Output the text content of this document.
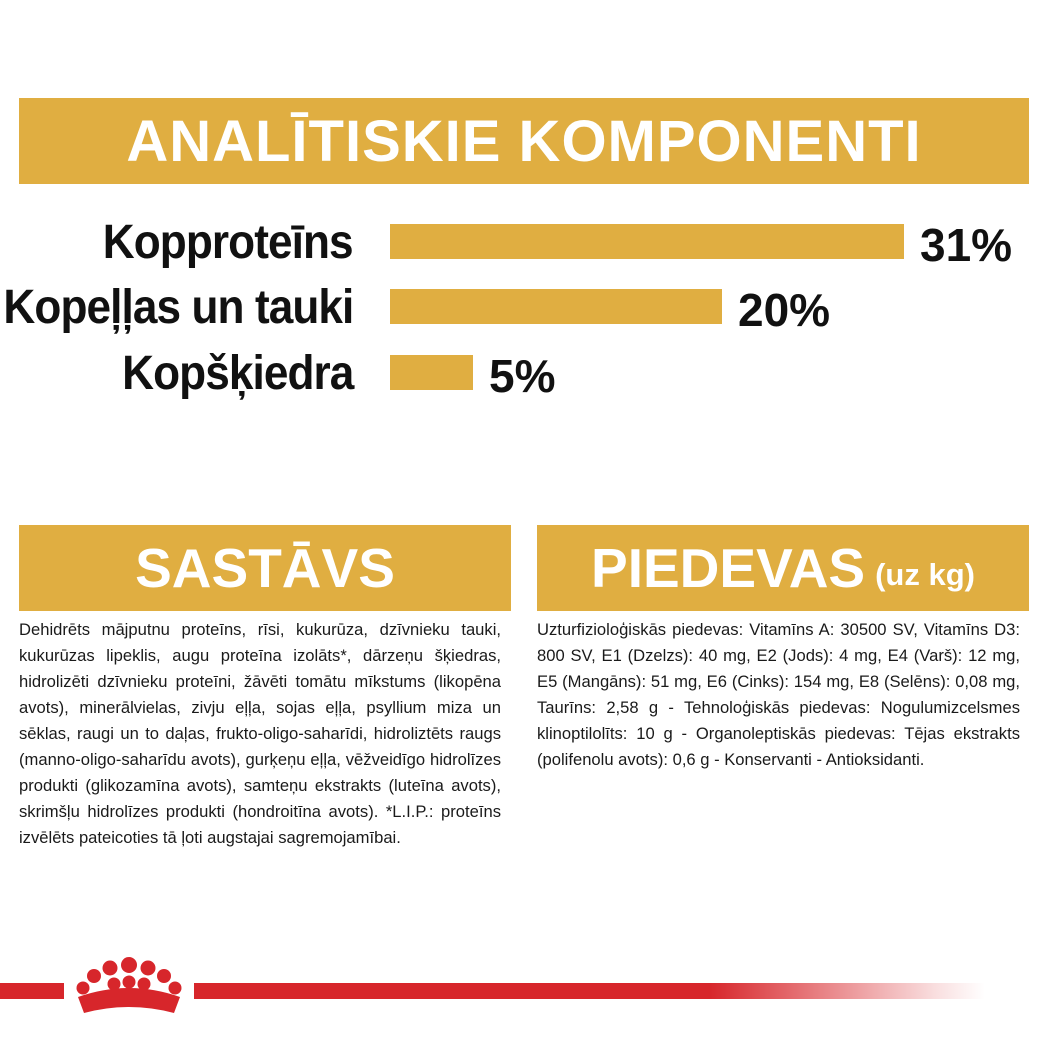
ANALĪTISKIE KOMPONENTI
Kopproteīns	31%
Kopeļļas un tauki	20%
Kopšķiedra	5%
SASTĀVS
Dehidrēts mājputnu proteīns, rīsi, kukurūza, dzīvnieku tauki, kukurūzas lipeklis, augu proteīna izolāts*, dārzeņu šķiedras, hidrolizēti dzīvnieku proteīni, žāvēti tomātu mīkstums (likopēna avots), minerālvielas, zivju eļļa, sojas eļļa, psyllium miza un sēklas, raugi un to daļas, frukto-oligo-saharīdi, hidroliztēts raugs (manno-oligo-saharīdu avots), gurķeņu eļļa, vēžveidīgo hidrolīzes produkti (glikozamīna avots), samteņu ekstrakts (luteīna avots), skrimšļu hidrolīzes produkti (hondroitīna avots). *L.I.P.: proteīns izvēlēts pateicoties tā ļoti augstajai sagremojamībai.
PIEDEVAS (uz kg)
Uzturfizioloģiskās piedevas: Vitamīns A: 30500 SV, Vitamīns D3: 800 SV, E1 (Dzelzs): 40 mg, E2 (Jods): 4 mg, E4 (Varš): 12 mg, E5 (Mangāns): 51 mg, E6 (Cinks): 154 mg, E8 (Selēns): 0,08 mg, Taurīns: 2,58 g - Tehnoloģiskās piedevas: Nogulumizcelsmes klinoptilolīts: 10 g - Organoleptiskās piedevas: Tējas ekstrakts (polifenolu avots): 0,6 g - Konservanti - Antioksidanti.
